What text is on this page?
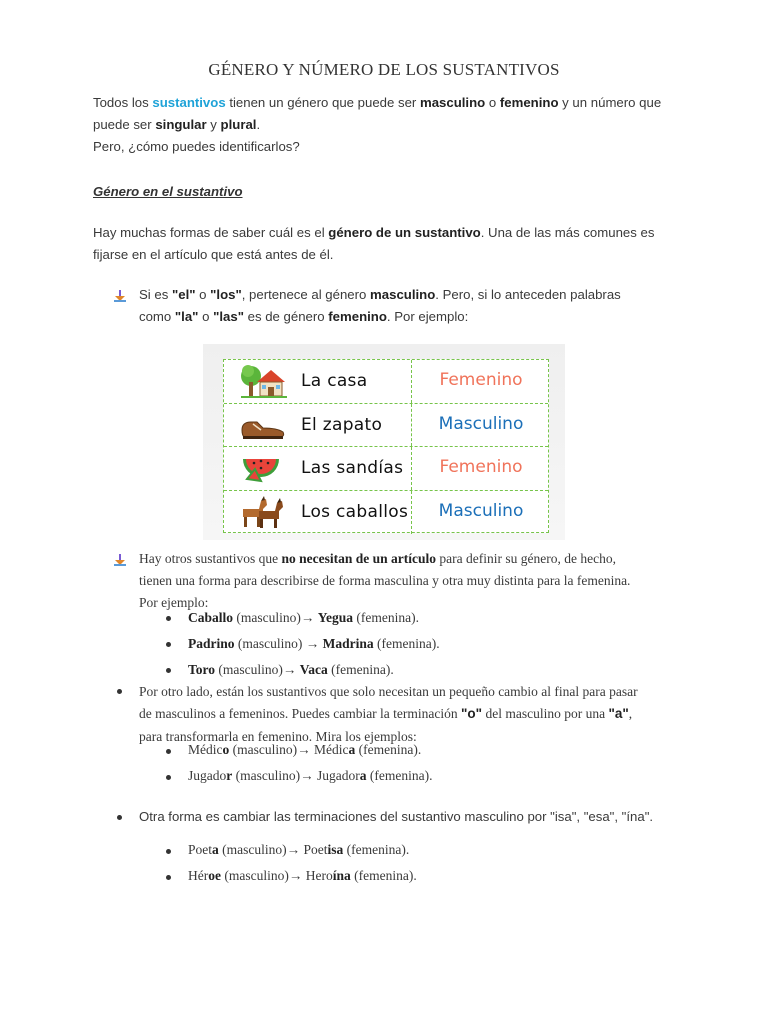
GÉNERO Y NÚMERO DE LOS SUSTANTIVOS
Todos los sustantivos tienen un género que puede ser masculino o femenino y un número que
puede ser singular y plural.
Pero, ¿cómo puedes identificarlos?
Género en el sustantivo
Hay muchas formas de saber cuál es el género de un sustantivo. Una de las más comunes es
fijarse en el artículo que está antes de él.
Si es "el" o "los", pertenece al género masculino. Pero, si lo anteceden palabras
como "la" o "las" es de género femenino. Por ejemplo:
La casa	Femenino
El zapato	Masculino
Las sandías	Femenino
Los caballos	Masculino
Hay otros sustantivos que no necesitan de un artículo para definir su género, de hecho,
tienen una forma para describirse de forma masculina y otra muy distinta para la femenina.
Por ejemplo:
Caballo (masculino)→ Yegua (femenina).
Padrino (masculino) → Madrina (femenina).
Toro (masculino)→ Vaca (femenina).
Por otro lado, están los sustantivos que solo necesitan un pequeño cambio al final para pasar
de masculinos a femeninos. Puedes cambiar la terminación "o" del masculino por una "a",
para transformarla en femenino. Mira los ejemplos:
Médico (masculino)→ Médica (femenina).
Jugador (masculino)→ Jugadora (femenina).
Otra forma es cambiar las terminaciones del sustantivo masculino por "isa", "esa", "ína".
Poeta (masculino)→ Poetisa (femenina).
Héroe (masculino)→ Heroína (femenina).
